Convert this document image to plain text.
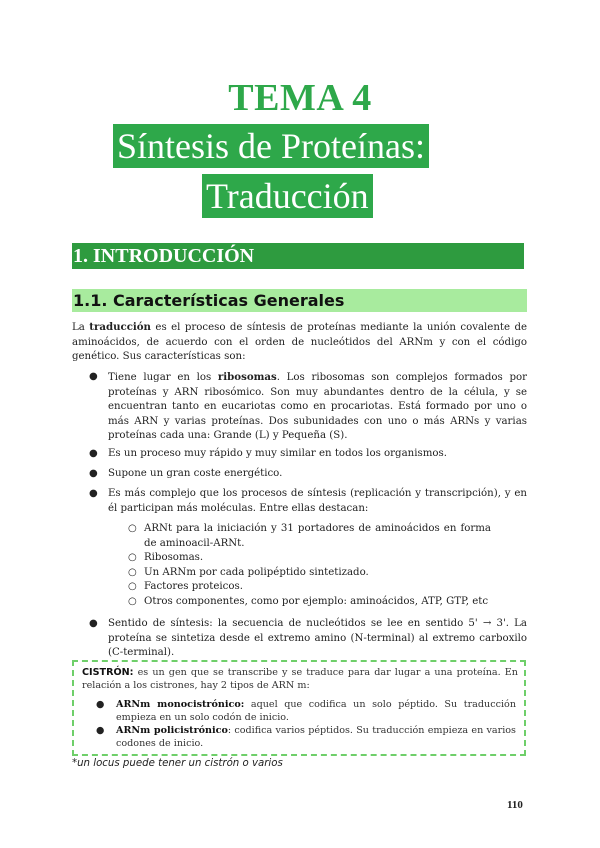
TEMA 4
Síntesis de Proteínas:
Traducción
1. INTRODUCCIÓN
1.1. Características Generales
La traducción es el proceso de síntesis de proteínas mediante la unión covalente de aminoácidos, de acuerdo con el orden de nucleótidos del ARNm y con el código genético. Sus características son:
● Tiene lugar en los ribosomas. Los ribosomas son complejos formados por proteínas y ARN ribosómico. Son muy abundantes dentro de la célula, y se encuentran tanto en eucariotas como en procariotas. Está formado por uno o más ARN y varias proteínas. Dos subunidades con uno o más ARNs y varias proteínas cada una: Grande (L) y Pequeña (S).
● Es un proceso muy rápido y muy similar en todos los organismos.
● Supone un gran coste energético.
● Es más complejo que los procesos de síntesis (replicación y transcripción), y en él participan más moléculas. Entre ellas destacan:
○ ARNt para la iniciación y 31 portadores de aminoácidos en forma de aminoacil-ARNt.
○ Ribosomas.
○ Un ARNm por cada polipéptido sintetizado.
○ Factores proteicos.
○ Otros componentes, como por ejemplo: aminoácidos, ATP, GTP, etc
● Sentido de síntesis: la secuencia de nucleótidos se lee en sentido 5' → 3'. La proteína se sintetiza desde el extremo amino (N-terminal) al extremo carboxilo (C-terminal).
CISTRÓN: es un gen que se transcribe y se traduce para dar lugar a una proteína. En relación a los cistrones, hay 2 tipos de ARN m:
● ARNm monocistrónico: aquel que codifica un solo péptido. Su traducción empieza en un solo codón de inicio.
● ARNm policistrónico: codifica varios péptidos. Su traducción empieza en varios codones de inicio.
*un locus puede tener un cistrón o varios
110
